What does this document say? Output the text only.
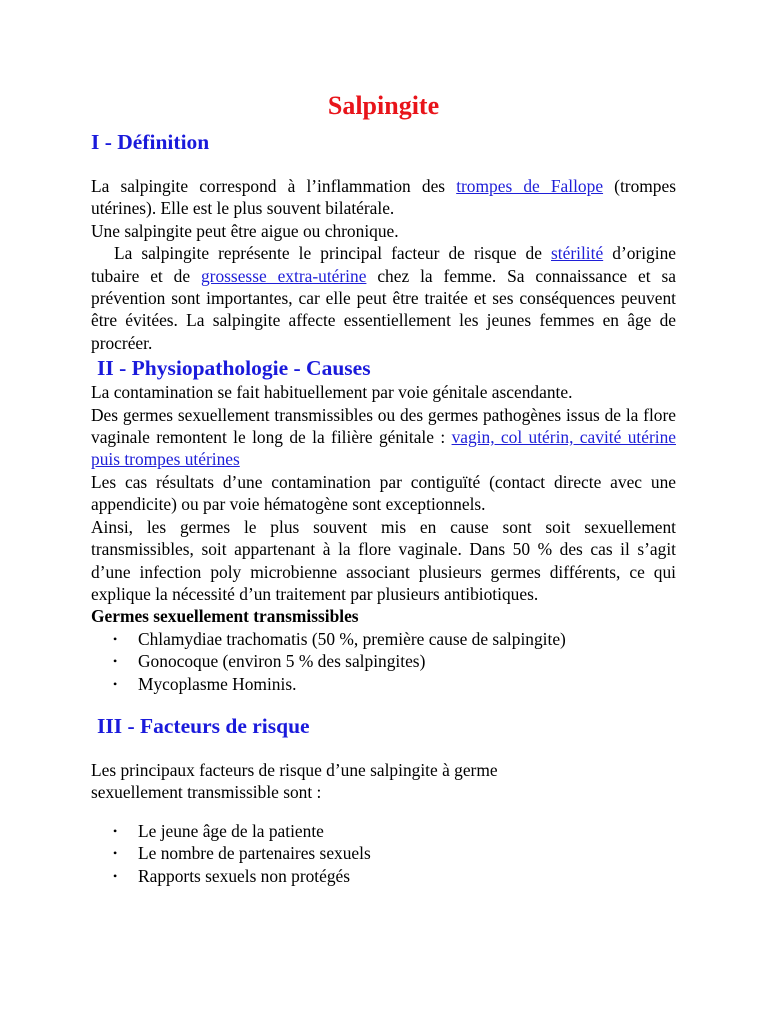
Salpingite
I - Définition

La salpingite correspond à l’inflammation des trompes de Fallope (trompes utérines). Elle est le plus souvent bilatérale.

Une salpingite peut être aigue ou chronique.

La salpingite représente le principal facteur de risque de stérilité d’origine tubaire et de grossesse extra-utérine chez la femme. Sa connaissance et sa prévention sont importantes, car elle peut être traitée et ses conséquences peuvent être évitées. La salpingite affecte essentiellement les jeunes femmes en âge de procréer.

II - Physiopathologie - Causes

La contamination se fait habituellement par voie génitale ascendante.

Des germes sexuellement transmissibles ou des germes pathogènes issus de la flore vaginale remontent le long de la filière génitale : vagin, col utérin, cavité utérine puis trompes utérines

Les cas résultats d’une contamination par contiguïté (contact directe avec une appendicite) ou par voie hématogène sont exceptionnels.

Ainsi, les germes le plus souvent mis en cause sont soit sexuellement transmissibles, soit appartenant à la flore vaginale. Dans 50 % des cas il s’agit d’une infection poly microbienne associant plusieurs germes différents, ce qui explique la nécessité d’un traitement par plusieurs antibiotiques.

Germes sexuellement transmissibles
• Chlamydiae trachomatis (50 %, première cause de salpingite)
• Gonocoque (environ 5 % des salpingites)
• Mycoplasme Hominis.
III - Facteurs de risque
Les principaux facteurs de risque d’une salpingite à germe
sexuellement transmissible sont :
• Le jeune âge de la patiente
• Le nombre de partenaires sexuels
• Rapports sexuels non protégés
